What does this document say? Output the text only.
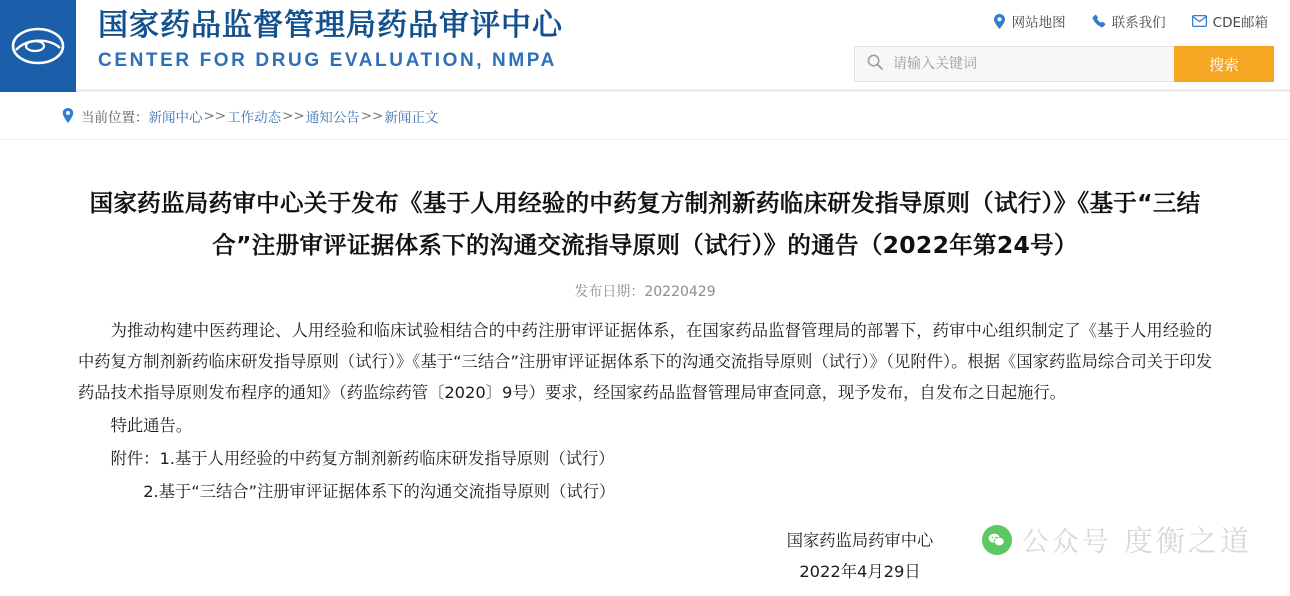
国家药品监督管理局药品审评中心
CENTER FOR DRUG EVALUATION, NMPA
网站地图	联系我们	CDE邮箱
请输入关键词
搜索
当前位置： 新闻中心 >> 工作动态 >> 通知公告 >> 新闻正文
国家药监局药审中心关于发布《基于人用经验的中药复方制剂新药临床研发指导原则（试行）》《基于“三结合”注册审评证据体系下的沟通交流指导原则（试行）》的通告（2022年第24号）
发布日期：20220429

为推动构建中医药理论、人用经验和临床试验相结合的中药注册审评证据体系，在国家药品监督管理局的部署下，药审中心组织制定了《基于人用经验的中药复方制剂新药临床研发指导原则（试行）》《基于“三结合”注册审评证据体系下的沟通交流指导原则（试行）》（见附件）。根据《国家药监局综合司关于印发药品技术指导原则发布程序的通知》（药监综药管〔2020〕9号）要求，经国家药品监督管理局审查同意，现予发布，自发布之日起施行。

特此通告。

附件：1.基于人用经验的中药复方制剂新药临床研发指导原则（试行）

2.基于“三结合”注册审评证据体系下的沟通交流指导原则（试行）

国家药监局药审中心
2022年4月29日
公众号 度衡之道
